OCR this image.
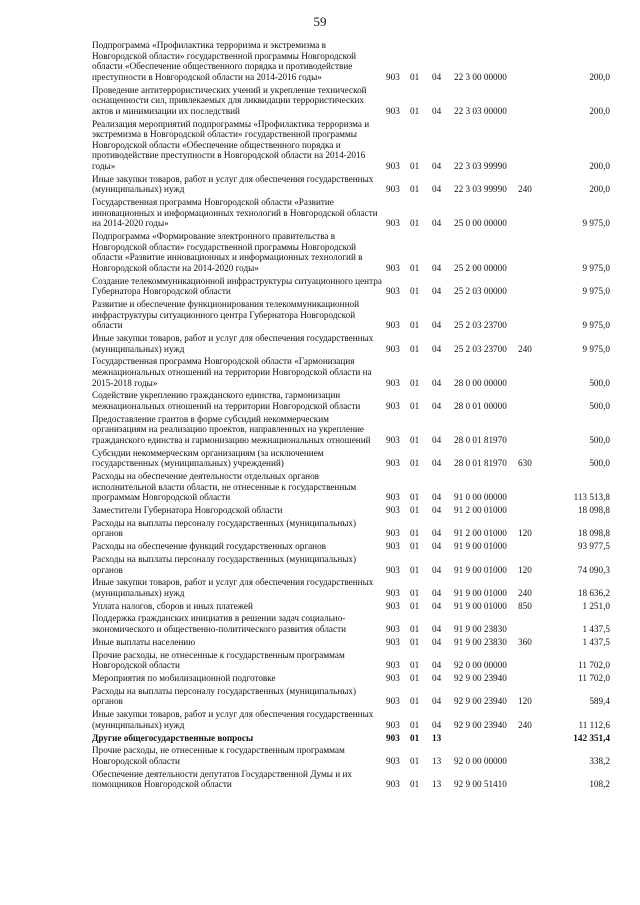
59
Подпрограмма «Профилактика терроризма и экстремизма в Новгородской области» государственной программы Новгородской области «Обеспечение общественного порядка и противодействие преступности в Новгородской области на 2014-2016 годы»	903	01	04	22 3 00 00000		200,0
Проведение антитеррористических учений и укрепление технической оснащенности сил, привлекаемых для ликвидации террористических актов и минимизации их последствий	903	01	04	22 3 03 00000		200,0
Реализация мероприятий подпрограммы «Профилактика терроризма и экстремизма в Новгородской области» государственной программы Новгородской области «Обеспечение общественного порядка и противодействие преступности в Новгородской области на 2014-2016 годы»	903	01	04	22 3 03 99990		200,0
Иные закупки товаров, работ и услуг для обеспечения государственных (муниципальных) нужд	903	01	04	22 3 03 99990	240	200,0
Государственная программа Новгородской области «Развитие инновационных и информационных технологий в Новгородской области на 2014-2020 годы»	903	01	04	25 0 00 00000		9 975,0
Подпрограмма «Формирование электронного правительства в Новгородской области» государственной программы Новгородской области «Развитие инновационных и информационных технологий в Новгородской области на 2014-2020 годы»	903	01	04	25 2 00 00000		9 975,0
Создание телекоммуникационной инфраструктуры ситуационного центра Губернатора Новгородской области	903	01	04	25 2 03 00000		9 975,0
Развитие и обеспечение функционирования телекоммуникационной инфраструктуры ситуационного центра Губернатора Новгородской области	903	01	04	25 2 03 23700		9 975,0
Иные закупки товаров, работ и услуг для обеспечения государственных (муниципальных) нужд	903	01	04	25 2 03 23700	240	9 975,0
Государственная программа Новгородской области «Гармонизация межнациональных отношений на территории Новгородской области на 2015-2018 годы»	903	01	04	28 0 00 00000		500,0
Содействие укреплению гражданского единства, гармонизации межнациональных отношений на территории Новгородской области	903	01	04	28 0 01 00000		500,0
Предоставление грантов в форме субсидий некоммерческим организациям на реализацию проектов, направленных на укрепление гражданского единства и гармонизацию межнациональных отношений	903	01	04	28 0 01 81970		500,0
Субсидии некоммерческим организациям (за исключением государственных (муниципальных) учреждений)	903	01	04	28 0 01 81970	630	500,0
Расходы на обеспечение деятельности отдельных органов исполнительной власти области, не отнесенные к государственным программам Новгородской области	903	01	04	91 0 00 00000		113 513,8
Заместители Губернатора Новгородской области	903	01	04	91 2 00 01000		18 098,8
Расходы на выплаты персоналу государственных (муниципальных) органов	903	01	04	91 2 00 01000	120	18 098,8
Расходы на обеспечение функций государственных органов	903	01	04	91 9 00 01000		93 977,5
Расходы на выплаты персоналу государственных (муниципальных) органов	903	01	04	91 9 00 01000	120	74 090,3
Иные закупки товаров, работ и услуг для обеспечения государственных (муниципальных) нужд	903	01	04	91 9 00 01000	240	18 636,2
Уплата налогов, сборов и иных платежей	903	01	04	91 9 00 01000	850	1 251,0
Поддержка гражданских инициатив в решении задач социально-экономического и общественно-политического развития области	903	01	04	91 9 00 23830		1 437,5
Иные выплаты населению	903	01	04	91 9 00 23830	360	1 437,5
Прочие расходы, не отнесенные к государственным программам Новгородской области	903	01	04	92 0 00 00000		11 702,0
Мероприятия по мобилизационной подготовке	903	01	04	92 9 00 23940		11 702,0
Расходы на выплаты персоналу государственных (муниципальных) органов	903	01	04	92 9 00 23940	120	589,4
Иные закупки товаров, работ и услуг для обеспечения государственных (муниципальных) нужд	903	01	04	92 9 00 23940	240	11 112,6
Другие общегосударственные вопросы	903	01	13			142 351,4
Прочие расходы, не отнесенные к государственным программам Новгородской области	903	01	13	92 0 00 00000		338,2
Обеспечение деятельности депутатов Государственной Думы и их помощников Новгородской области	903	01	13	92 9 00 51410		108,2
